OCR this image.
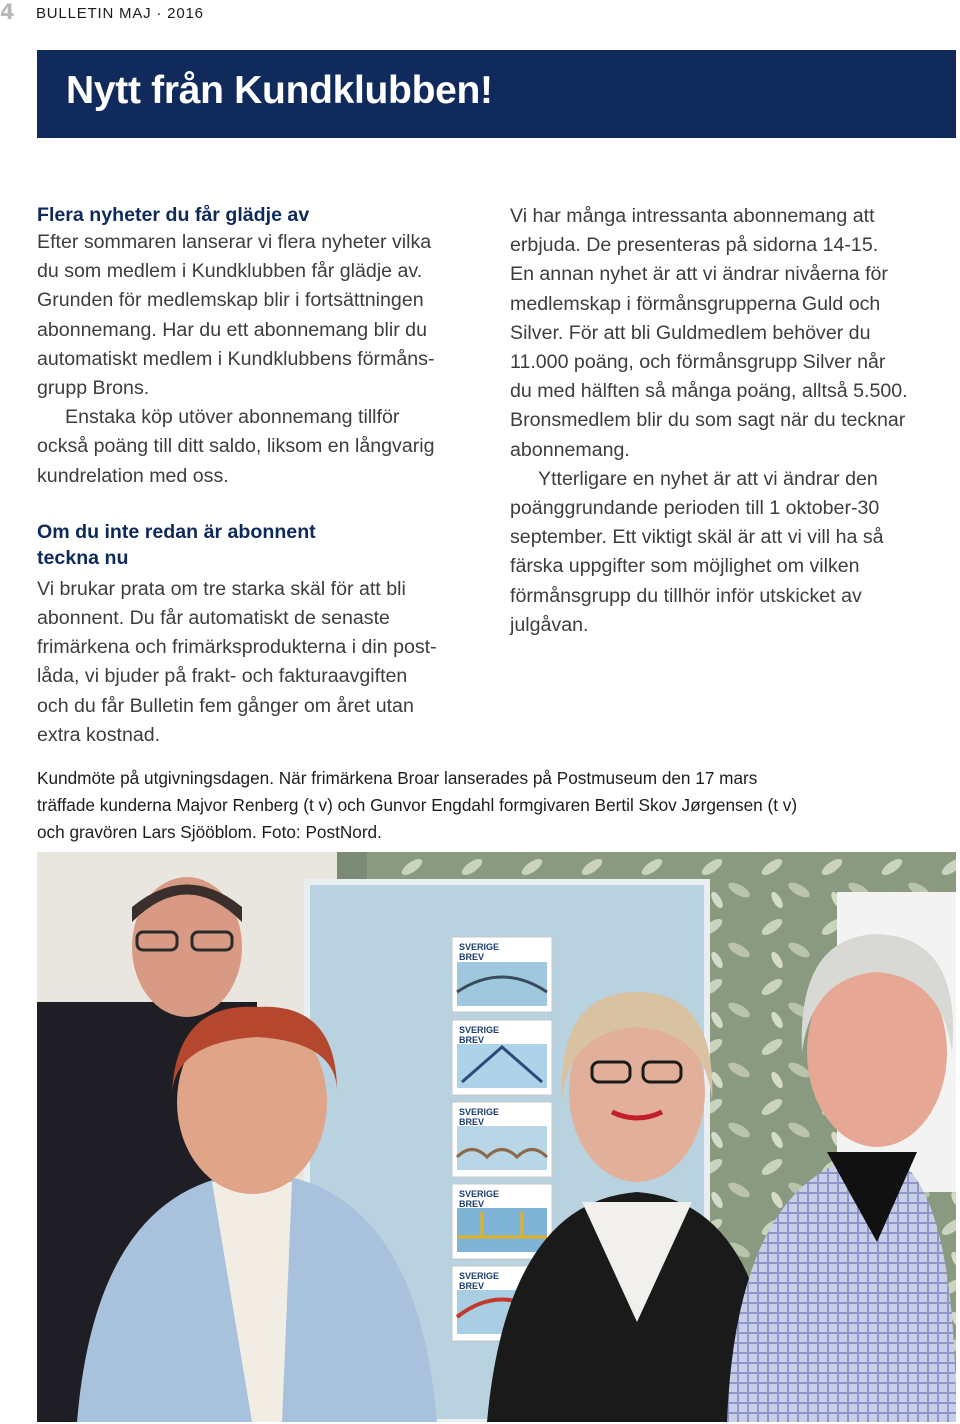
4 BULLETIN MAJ · 2016
Nytt från Kundklubben!
Flera nyheter du får glädje av

Efter sommaren lanserar vi flera nyheter vilka

du som medlem i Kundklubben får glädje av.

Grunden för medlemskap blir i fortsättningen

abonnemang. Har du ett abonnemang blir du

automatiskt medlem i Kundklubbens förmåns-

grupp Brons.

Enstaka köp utöver abonnemang tillför

också poäng till ditt saldo, liksom en långvarig

kundrelation med oss.

Om du inte redan är abonnent
teckna nu

Vi brukar prata om tre starka skäl för att bli

abonnent. Du får automatiskt de senaste

frimärkena och frimärksprodukterna i din post-

låda, vi bjuder på frakt- och fakturaavgiften

och du får Bulletin fem gånger om året utan

extra kostnad.

Vi har många intressanta abonnemang att

erbjuda. De presenteras på sidorna 14-15.

En annan nyhet är att vi ändrar nivåerna för

medlemskap i förmånsgrupperna Guld och

Silver. För att bli Guldmedlem behöver du

11.000 poäng, och förmånsgrupp Silver når

du med hälften så många poäng, alltså 5.500.

Bronsmedlem blir du som sagt när du tecknar

abonnemang.

Ytterligare en nyhet är att vi ändrar den

poänggrundande perioden till 1 oktober-30

september. Ett viktigt skäl är att vi vill ha så

färska uppgifter som möjlighet om vilken

förmånsgrupp du tillhör inför utskicket av

julgåvan.

Kundmöte på utgivningsdagen. När frimärkena Broar lanserades på Postmuseum den 17 mars
träffade kunderna Majvor Renberg (t v) och Gunvor Engdahl formgivaren Bertil Skov Jørgensen (t v)
och gravören Lars Sjööblom. Foto: PostNord.
SVERIGE
BREV
SVERIGE
BREV
SVERIGE
BREV
SVERIGE
BREV
SVERIGE
BREV
